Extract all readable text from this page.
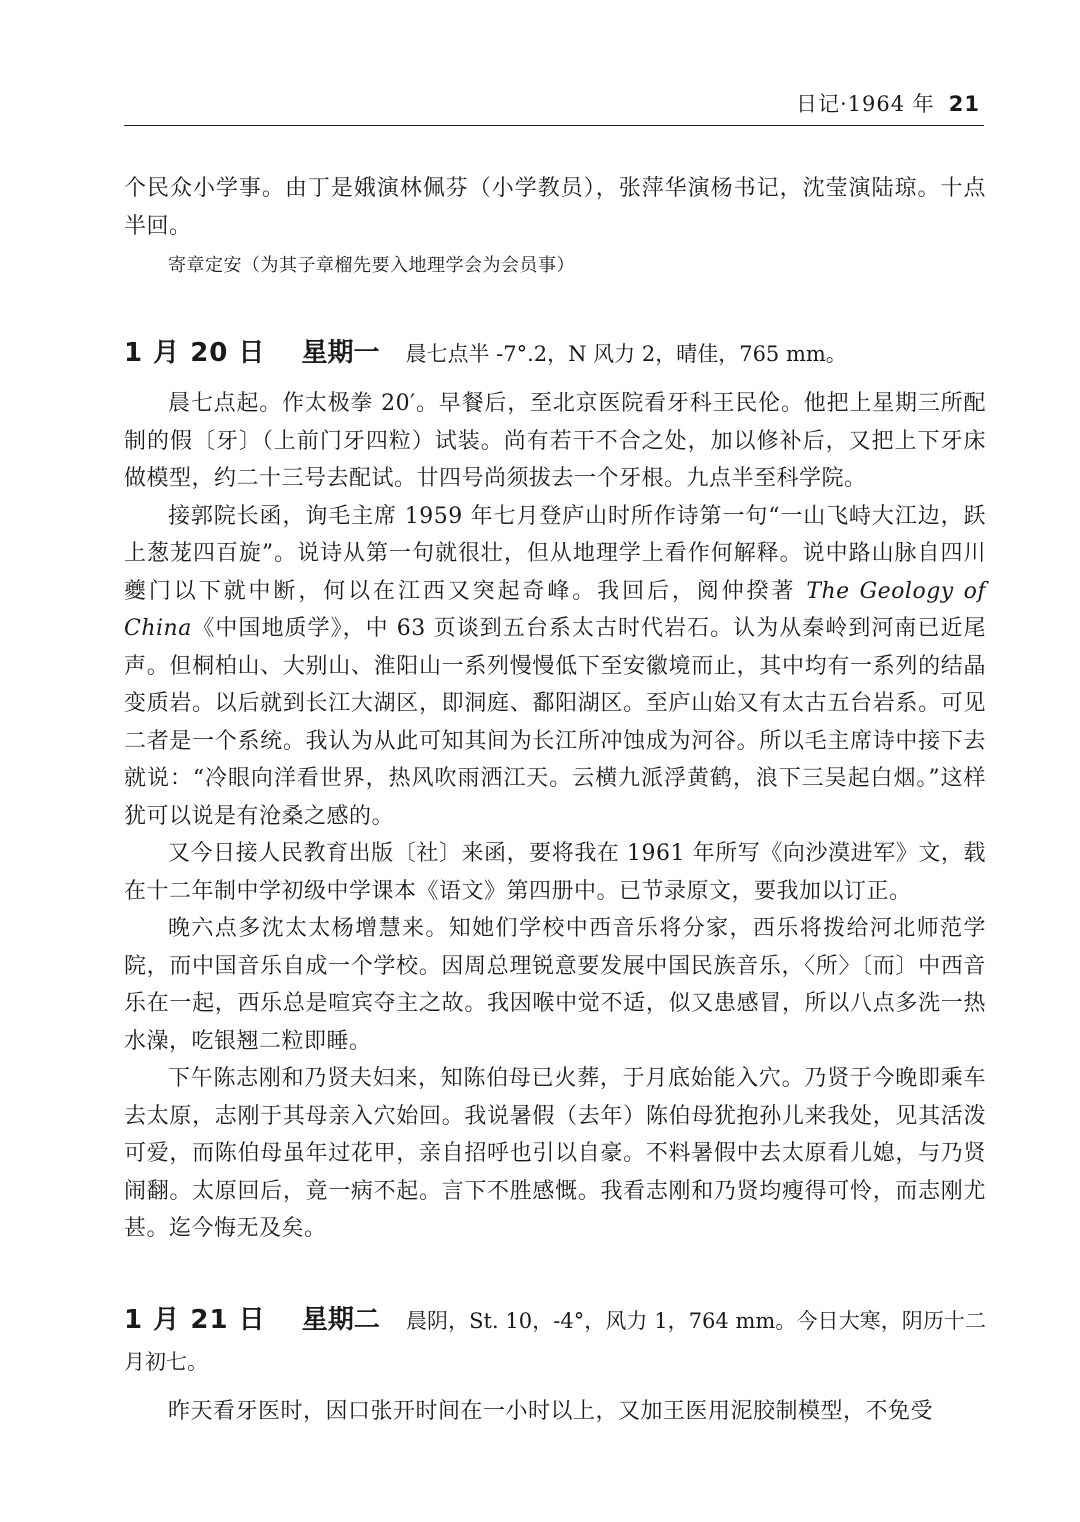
日记·1964 年 21

个民众小学事。由丁是娥演林佩芬（小学教员），张萍华演杨书记，沈莹演陆琼。十点半回。

寄章定安（为其子章榴先要入地理学会为会员事）

1 月 20 日 星期一 晨七点半 -7°.2，N 风力 2，晴佳，765 mm。

晨七点起。作太极拳 20′。早餐后，至北京医院看牙科王民伦。他把上星期三所配制的假〔牙〕（上前门牙四粒）试装。尚有若干不合之处，加以修补后，又把上下牙床做模型，约二十三号去配试。廿四号尚须拔去一个牙根。九点半至科学院。

接郭院长函，询毛主席 1959 年七月登庐山时所作诗第一句“一山飞峙大江边，跃上葱茏四百旋”。说诗从第一句就很壮，但从地理学上看作何解释。说中路山脉自四川夔门以下就中断，何以在江西又突起奇峰。我回后，阅仲揆著 The Geology of China《中国地质学》，中 63 页谈到五台系太古时代岩石。认为从秦岭到河南已近尾声。但桐柏山、大别山、淮阳山一系列慢慢低下至安徽境而止，其中均有一系列的结晶变质岩。以后就到长江大湖区，即洞庭、鄱阳湖区。至庐山始又有太古五台岩系。可见二者是一个系统。我认为从此可知其间为长江所冲蚀成为河谷。所以毛主席诗中接下去就说：“冷眼向洋看世界，热风吹雨洒江天。云横九派浮黄鹤，浪下三吴起白烟。”这样犹可以说是有沧桑之感的。

又今日接人民教育出版〔社〕来函，要将我在 1961 年所写《向沙漠进军》文，载在十二年制中学初级中学课本《语文》第四册中。已节录原文，要我加以订正。

晚六点多沈太太杨增慧来。知她们学校中西音乐将分家，西乐将拨给河北师范学院，而中国音乐自成一个学校。因周总理锐意要发展中国民族音乐，〈所〉〔而〕中西音乐在一起，西乐总是喧宾夺主之故。我因喉中觉不适，似又患感冒，所以八点多洗一热水澡，吃银翘二粒即睡。

下午陈志刚和乃贤夫妇来，知陈伯母已火葬，于月底始能入穴。乃贤于今晚即乘车去太原，志刚于其母亲入穴始回。我说暑假（去年）陈伯母犹抱孙儿来我处，见其活泼可爱，而陈伯母虽年过花甲，亲自招呼也引以自豪。不料暑假中去太原看儿媳，与乃贤闹翻。太原回后，竟一病不起。言下不胜感慨。我看志刚和乃贤均瘦得可怜，而志刚尤甚。迄今悔无及矣。

1 月 21 日 星期二 晨阴，St. 10，-4°，风力 1，764 mm。今日大寒，阴历十二月初七。

昨天看牙医时，因口张开时间在一小时以上，又加王医用泥胶制模型，不免受
